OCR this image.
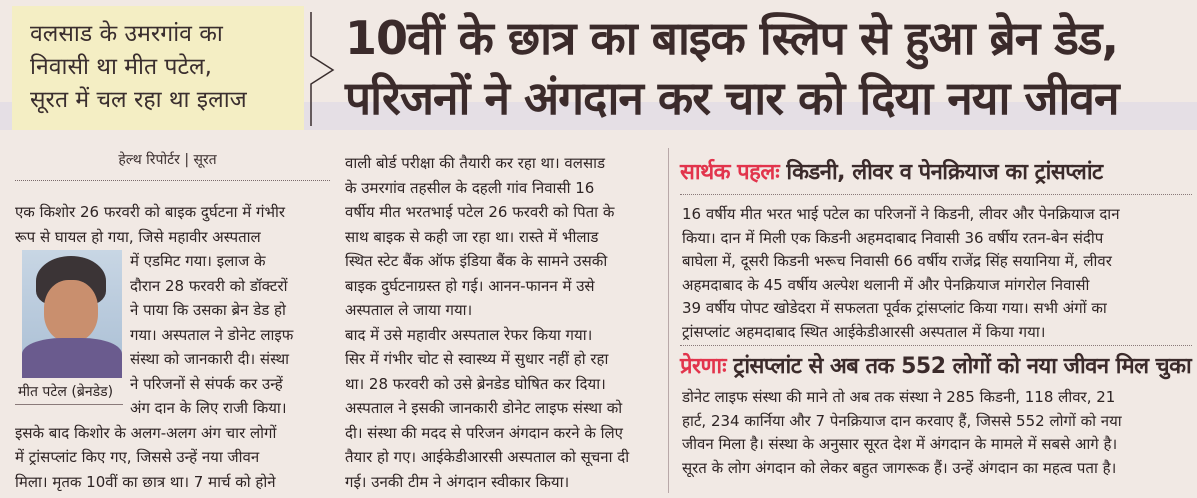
वलसाड के उमरगांव का
निवासी था मीत पटेल,
सूरत में चल रहा था इलाज
10वीं के छात्र का बाइक स्लिप से हुआ ब्रेन डेड,
परिजनों ने अंगदान कर चार को दिया नया जीवन
हेल्थ रिपोर्टर | सूरत
मीत पटेल (ब्रेनडेड)
एक किशोर 26 फरवरी को बाइक दुर्घटना में गंभीर
रूप से घायल हो गया, जिसे महावीर अस्पताल
में एडमिट गया। इलाज के
दौरान 28 फरवरी को डॉक्टरों
ने पाया कि उसका ब्रेन डेड हो
गया। अस्पताल ने डोनेट लाइफ
संस्था को जानकारी दी। संस्था
ने परिजनों से संपर्क कर उन्हें
अंग दान के लिए राजी किया।
इसके बाद किशोर के अलग-अलग अंग चार लोगों
में ट्रांसप्लांट किए गए, जिससे उन्हें नया जीवन
मिला। मृतक 10वीं का छात्र था। 7 मार्च को होने
वाली बोर्ड परीक्षा की तैयारी कर रहा था। वलसाड
के उमरगांव तहसील के दहली गांव निवासी 16
वर्षीय मीत भरतभाई पटेल 26 फरवरी को पिता के
साथ बाइक से कही जा रहा था। रास्ते में भीलाड
स्थित स्टेट बैंक ऑफ इंडिया बैंक के सामने उसकी
बाइक दुर्घटनाग्रस्त हो गई। आनन-फानन में उसे
अस्पताल ले जाया गया।
बाद में उसे महावीर अस्पताल रेफर किया गया।
सिर में गंभीर चोट से स्वास्थ्य में सुधार नहीं हो रहा
था। 28 फरवरी को उसे ब्रेनडेड घोषित कर दिया।
अस्पताल ने इसकी जानकारी डोनेट लाइफ संस्था को
दी। संस्था की मदद से परिजन अंगदान करने के लिए
तैयार हो गए। आईकेडीआरसी अस्पताल को सूचना दी
गई। उनकी टीम ने अंगदान स्वीकार किया।
सार्थक पहलः किडनी, लीवर व पेनक्रियाज का ट्रांसप्लांट
16 वर्षीय मीत भरत भाई पटेल का परिजनों ने किडनी, लीवर और पेनक्रियाज दान
किया। दान में मिली एक किडनी अहमदाबाद निवासी 36 वर्षीय रतन-बेन संदीप
बाघेला में, दूसरी किडनी भरूच निवासी 66 वर्षीय राजेंद्र सिंह सयानिया में, लीवर
अहमदाबाद के 45 वर्षीय अल्पेश थलानी में और पेनक्रियाज मांगरोल निवासी
39 वर्षीय पोपट खोडेदरा में सफलता पूर्वक ट्रांसप्लांट किया गया। सभी अंगों का
ट्रांसप्लांट अहमदाबाद स्थित आईकेडीआरसी अस्पताल में किया गया।
प्रेरणाः ट्रांसप्लांट से अब तक 552 लोगों को नया जीवन मिल चुका
डोनेट लाइफ संस्था की माने तो अब तक संस्था ने 285 किडनी, 118 लीवर, 21
हार्ट, 234 कार्निया और 7 पेनक्रियाज दान करवाए हैं, जिससे 552 लोगों को नया
जीवन मिला है। संस्था के अनुसार सूरत देश में अंगदान के मामले में सबसे आगे है।
सूरत के लोग अंगदान को लेकर बहुत जागरूक हैं। उन्हें अंगदान का महत्व पता है।
